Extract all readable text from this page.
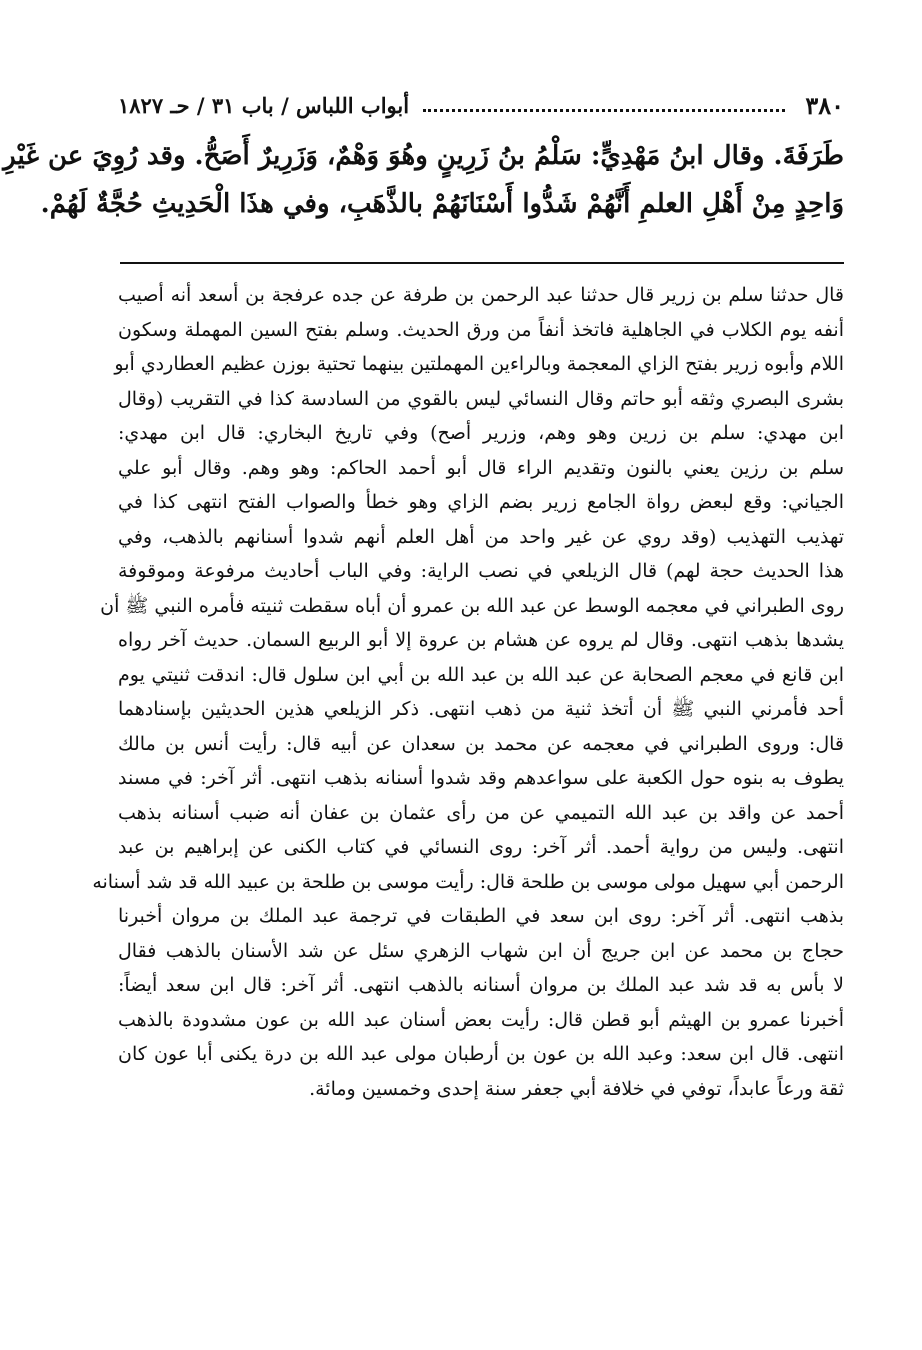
٣٨٠
أبواب اللباس / باب ٣١ / حـ ١٨٢٧
طَرَفَةَ. وقال ابنُ مَهْدِيٍّ: سَلْمُ بنُ زَرِينٍ وهُوَ وَهْمٌ، وَزَرِيرٌ أَصَحُّ. وقد رُوِيَ عن غَيْرِ
وَاحِدٍ مِنْ أَهْلِ العلمِ أَنَّهُمْ شَدُّوا أَسْنَانَهُمْ بالذَّهَبِ، وفي هذَا الْحَدِيثِ حُجَّةٌ لَهُمْ.
قال حدثنا سلم بن زرير قال حدثنا عبد الرحمن بن طرفة عن جده عرفجة بن أسعد أنه أصيب
أنفه يوم الكلاب في الجاهلية فاتخذ أنفاً من ورق الحديث. وسلم بفتح السين المهملة وسكون
اللام وأبوه زرير بفتح الزاي المعجمة وبالراءين المهملتين بينهما تحتية بوزن عظيم العطاردي أبو
بشرى البصري وثقه أبو حاتم وقال النسائي ليس بالقوي من السادسة كذا في التقريب (وقال
ابن مهدي: سلم بن زرين وهو وهم، وزرير أصح) وفي تاريخ البخاري: قال ابن مهدي:
سلم بن رزين يعني بالنون وتقديم الراء قال أبو أحمد الحاكم: وهو وهم. وقال أبو علي
الجياني: وقع لبعض رواة الجامع زرير بضم الزاي وهو خطأ والصواب الفتح انتهى كذا في
تهذيب التهذيب (وقد روي عن غير واحد من أهل العلم أنهم شدوا أسنانهم بالذهب، وفي
هذا الحديث حجة لهم) قال الزيلعي في نصب الراية: وفي الباب أحاديث مرفوعة وموقوفة
روى الطبراني في معجمه الوسط عن عبد الله بن عمرو أن أباه سقطت ثنيته فأمره النبي ﷺ أن
يشدها بذهب انتهى. وقال لم يروه عن هشام بن عروة إلا أبو الربيع السمان. حديث آخر رواه
ابن قانع في معجم الصحابة عن عبد الله بن عبد الله بن أبي ابن سلول قال: اندقت ثنيتي يوم
أحد فأمرني النبي ﷺ أن أتخذ ثنية من ذهب انتهى. ذكر الزيلعي هذين الحديثين بإسنادهما
قال: وروى الطبراني في معجمه عن محمد بن سعدان عن أبيه قال: رأيت أنس بن مالك
يطوف به بنوه حول الكعبة على سواعدهم وقد شدوا أسنانه بذهب انتهى. أثر آخر: في مسند
أحمد عن واقد بن عبد الله التميمي عن من رأى عثمان بن عفان أنه ضبب أسنانه بذهب
انتهى. وليس من رواية أحمد. أثر آخر: روى النسائي في كتاب الكنى عن إبراهيم بن عبد
الرحمن أبي سهيل مولى موسى بن طلحة قال: رأيت موسى بن طلحة بن عبيد الله قد شد أسنانه
بذهب انتهى. أثر آخر: روى ابن سعد في الطبقات في ترجمة عبد الملك بن مروان أخبرنا
حجاج بن محمد عن ابن جريج أن ابن شهاب الزهري سئل عن شد الأسنان بالذهب فقال
لا بأس به قد شد عبد الملك بن مروان أسنانه بالذهب انتهى. أثر آخر: قال ابن سعد أيضاً:
أخبرنا عمرو بن الهيثم أبو قطن قال: رأيت بعض أسنان عبد الله بن عون مشدودة بالذهب
انتهى. قال ابن سعد: وعبد الله بن عون بن أرطبان مولى عبد الله بن درة يكنى أبا عون كان
ثقة ورعاً عابداً، توفي في خلافة أبي جعفر سنة إحدى وخمسين ومائة.
